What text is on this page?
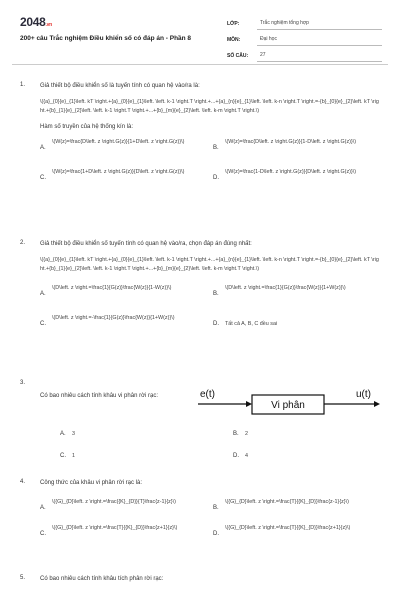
2048.vn
200+ câu Trắc nghiệm Điều khiển số có đáp án - Phần 8
LỚP:	Trắc nghiệm tổng hợp
MÔN:	Đại học
SỐ CÂU:	27
1. Giả thiết bộ điều khiển số là tuyến tính có quan hệ vào/ra là:
\({a}_{0}{e}_{1}\left. kT \right.+{a}_{0}{e}_{1}\left. \left. k-1 \right.T \right.+...+{a}_{n}{e}_{1}\left. \left. k-n \right.T \right.=-{b}_{0}{e}_{2}\left. kT \right.+{b}_{1}{e}_{2}\left. \left. k-1 \right.T \right.+...+{b}_{m}{e}_{2}\left. \left. k-m \right.T \right.\)
Hàm số truyền của hệ thống kín là:
A.
\(W(z)=\frac{D\left. z \right.G(z)}{1+D\left. z \right.G(z)}\)
B.
\(W(z)=\frac{D\left. z \right.G(z)}{1-D\left. z \right.G(z)}\)
C.
\(W(z)=\frac{1+D\left. z \right.G(z)}{D\left. z \right.G(z)}\)
D.
\(W(z)=\frac{1-D\left. z \right.G(z)}{D\left. z \right.G(z)}\)
2. Giả thiết bộ điều khiển số tuyến tính có quan hệ vào/ra, chọn đáp án đúng nhất:
\({a}_{0}{e}_{1}\left. kT \right.+{a}_{0}{e}_{1}\left. \left. k-1 \right.T \right.+...+{a}_{n}{e}_{1}\left. \left. k-n \right.T \right.=-{b}_{0}{e}_{2}\left. kT \right.+{b}_{1}{e}_{2}\left. \left. k-1 \right.T \right.+...+{b}_{m}{e}_{2}\left. \left. k-m \right.T \right.\)
A.
\(D\left. z \right.=\frac{1}{G(z)}\frac{W(z)}{1-W(z)}\)
B.
\(D\left. z \right.=\frac{1}{G(z)}\frac{W(z)}{1+W(z)}\)
C.
\(D\left. z \right.=-\frac{1}{G(z)}\frac{W(z)}{1+W(z)}\)
D. Tất cả A, B, C đều sai
3.
Có bao nhiêu cách tính khâu vi phân rời rạc:	e(t)
Vi phân
u(t)
A. 3	B. 2
C. 1	D. 4
4. Công thức của khâu vi phân rời rạc là:
A.
\({G}_{D}\left. z \right.=\frac{{K}_{D}}{T}\frac{z-1}{z}\)
B.
\({G}_{D}\left. z \right.=\frac{T}{{K}_{D}}\frac{z-1}{z}\)
C.
\({G}_{D}\left. z \right.=\frac{T}{{K}_{D}}\frac{z+1}{z}\)
D.
\({G}_{D}\left. z \right.=\frac{T}{{K}_{D}}\frac{z+1}{z}\)
5. Có bao nhiêu cách tính khâu tích phân rời rạc:
